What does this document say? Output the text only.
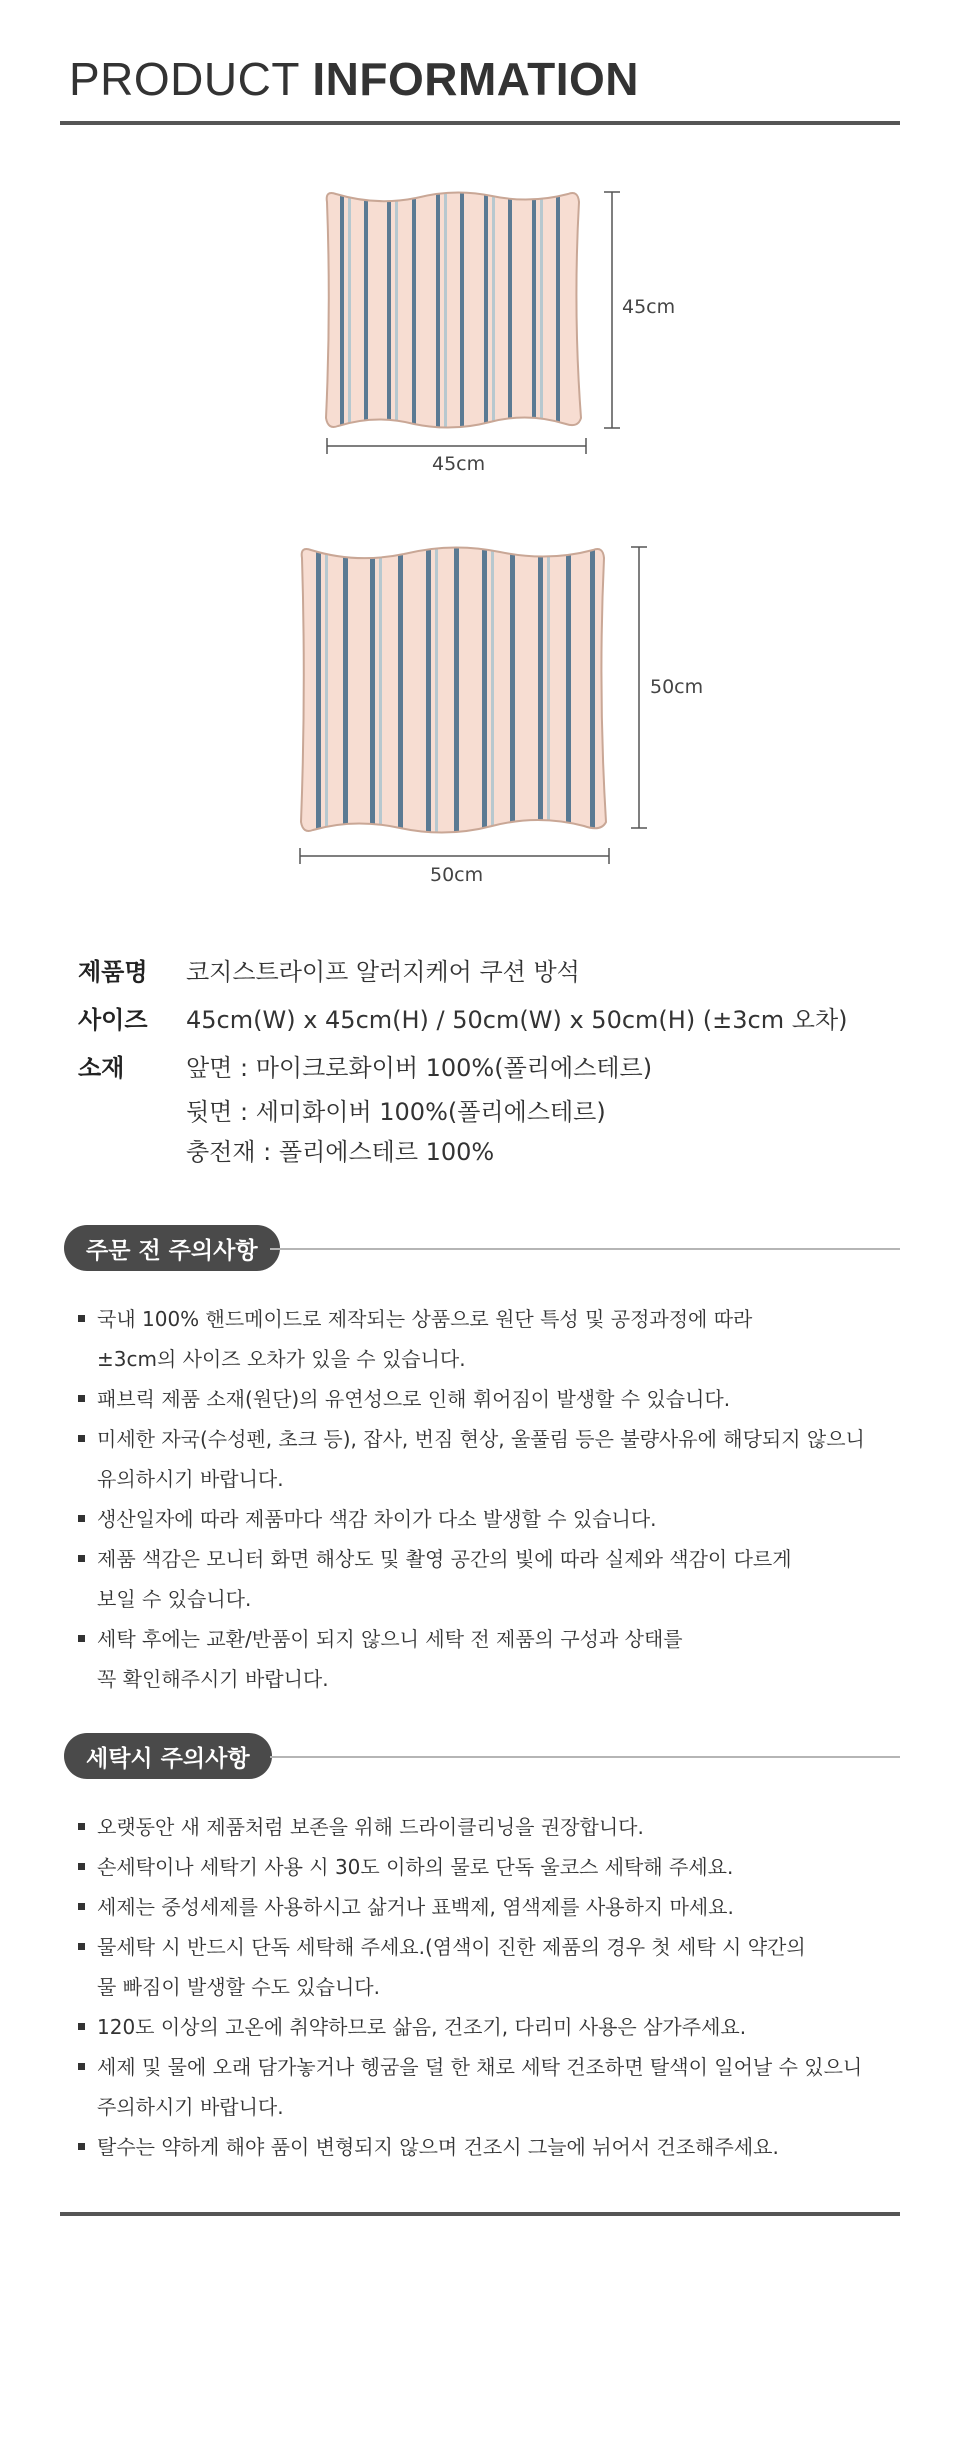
PRODUCT INFORMATION
45cm
45cm
50cm
50cm
제품명	코지스트라이프 알러지케어 쿠션 방석
사이즈	45cm(W) x 45cm(H) / 50cm(W) x 50cm(H) (±3cm 오차)
소재	앞면 : 마이크로화이버 100%(폴리에스테르)
뒷면 : 세미화이버 100%(폴리에스테르)
충전재 : 폴리에스테르 100%
주문 전 주의사항
국내 100% 핸드메이드로 제작되는 상품으로 원단 특성 및 공정과정에 따라
±3cm의 사이즈 오차가 있을 수 있습니다.
패브릭 제품 소재(원단)의 유연성으로 인해 휘어짐이 발생할 수 있습니다.
미세한 자국(수성펜, 초크 등), 잡사, 번짐 현상, 울풀림 등은 불량사유에 해당되지 않으니
유의하시기 바랍니다.
생산일자에 따라 제품마다 색감 차이가 다소 발생할 수 있습니다.
제품 색감은 모니터 화면 해상도 및 촬영 공간의 빛에 따라 실제와 색감이 다르게
보일 수 있습니다.
세탁 후에는 교환/반품이 되지 않으니 세탁 전 제품의 구성과 상태를
꼭 확인해주시기 바랍니다.
세탁시 주의사항
오랫동안 새 제품처럼 보존을 위해 드라이클리닝을 권장합니다.
손세탁이나 세탁기 사용 시 30도 이하의 물로 단독 울코스 세탁해 주세요.
세제는 중성세제를 사용하시고 삶거나 표백제, 염색제를 사용하지 마세요.
물세탁 시 반드시 단독 세탁해 주세요.(염색이 진한 제품의 경우 첫 세탁 시 약간의
물 빠짐이 발생할 수도 있습니다.
120도 이상의 고온에 취약하므로 삶음, 건조기, 다리미 사용은 삼가주세요.
세제 및 물에 오래 담가놓거나 헹굼을 덜 한 채로 세탁 건조하면 탈색이 일어날 수 있으니
주의하시기 바랍니다.
탈수는 약하게 해야 품이 변형되지 않으며 건조시 그늘에 뉘어서 건조해주세요.
